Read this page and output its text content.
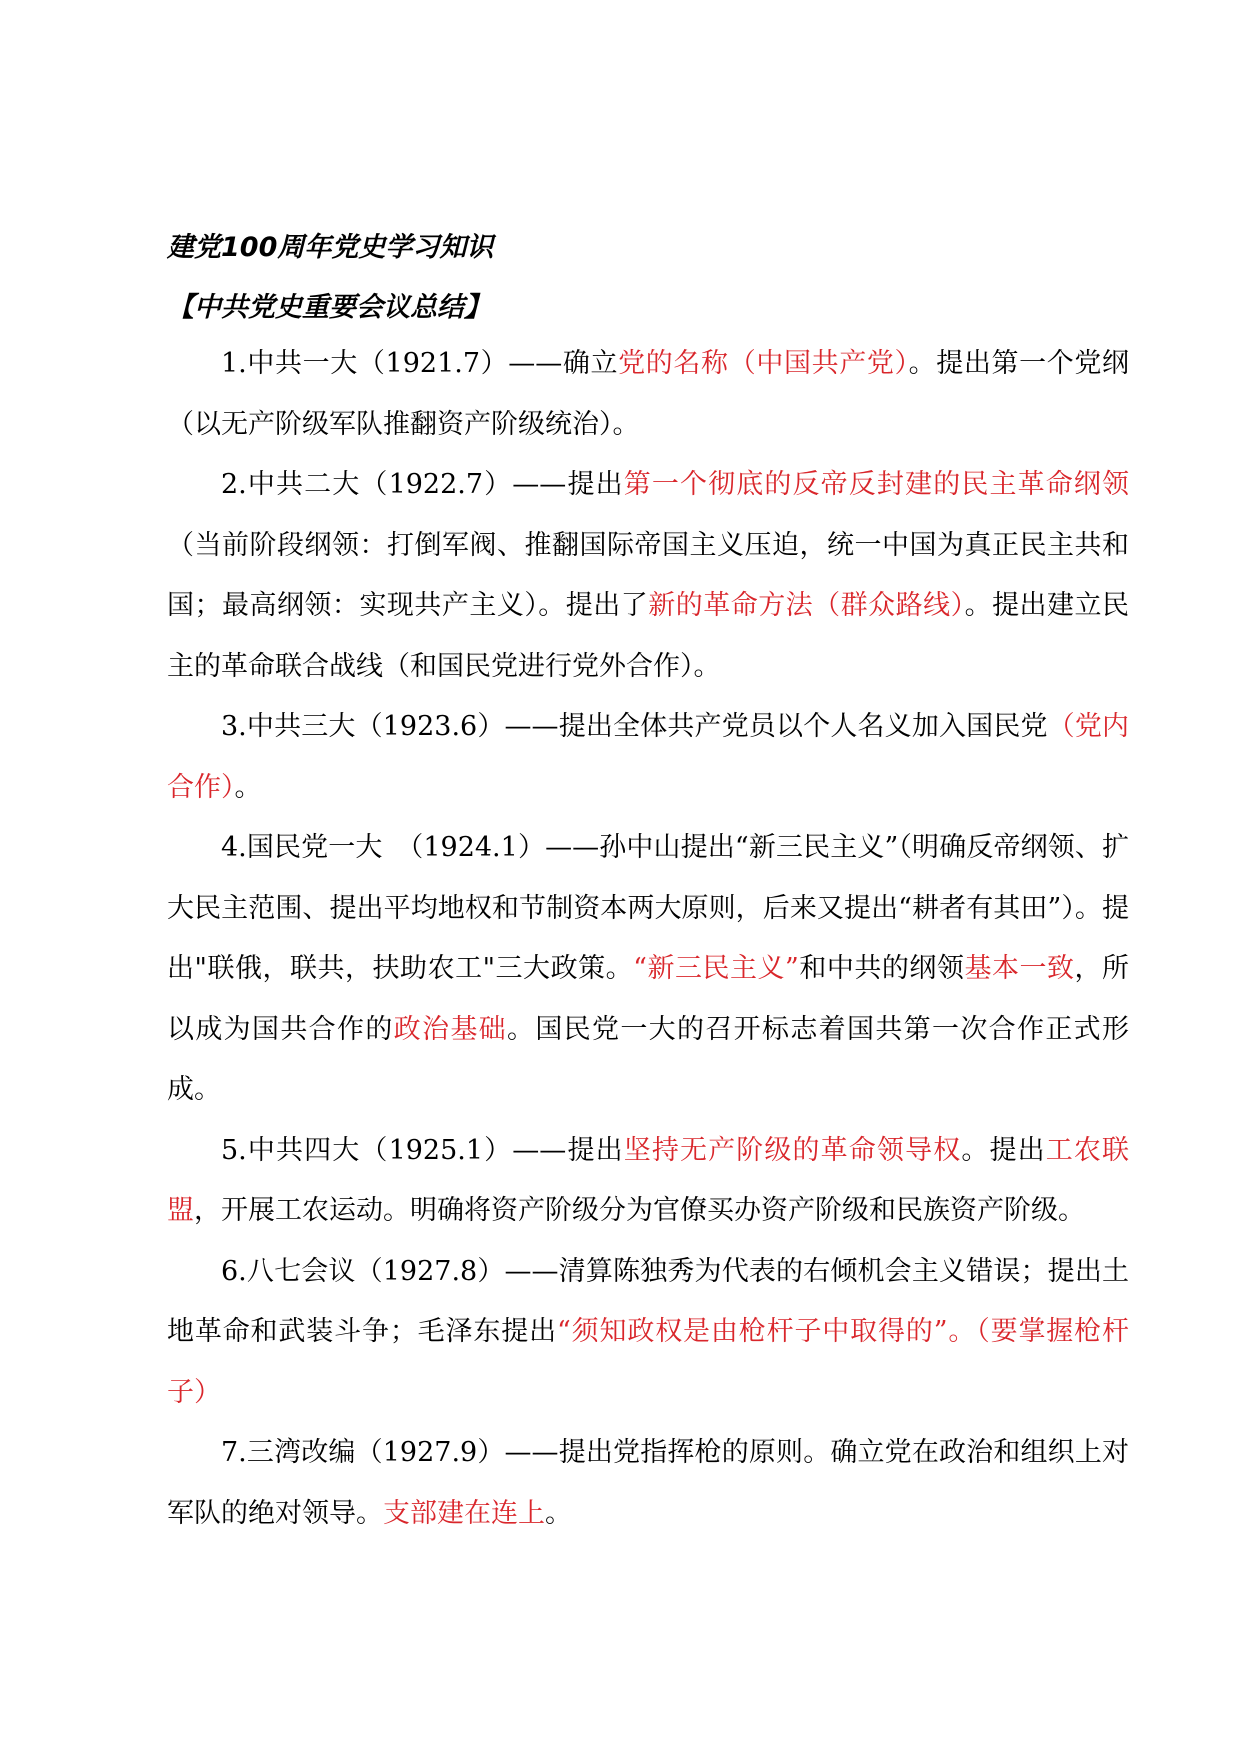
建党100周年党史学习知识
【中共党史重要会议总结】

1.中共一大（1921.7）——确立党的名称（中国共产党）。提出第一个党纲（以无产阶级军队推翻资产阶级统治）。

2.中共二大（1922.7）——提出第一个彻底的反帝反封建的民主革命纲领（当前阶段纲领：打倒军阀、推翻国际帝国主义压迫，统一中国为真正民主共和国；最高纲领：实现共产主义）。提出了新的革命方法（群众路线）。提出建立民主的革命联合战线（和国民党进行党外合作）。

3.中共三大（1923.6）——提出全体共产党员以个人名义加入国民党（党内合作）。

4.国民党一大　（1924.1）——孙中山提出“新三民主义”（明确反帝纲领、扩大民主范围、提出平均地权和节制资本两大原则，后来又提出“耕者有其田”）。提出"联俄，联共，扶助农工"三大政策。“新三民主义”和中共的纲领基本一致，所以成为国共合作的政治基础。国民党一大的召开标志着国共第一次合作正式形成。

5.中共四大（1925.1）——提出坚持无产阶级的革命领导权。提出工农联盟，开展工农运动。明确将资产阶级分为官僚买办资产阶级和民族资产阶级。

6.八七会议（1927.8）——清算陈独秀为代表的右倾机会主义错误；提出土地革命和武装斗争；毛泽东提出“须知政权是由枪杆子中取得的”。（要掌握枪杆子）

7.三湾改编（1927.9）——提出党指挥枪的原则。确立党在政治和组织上对军队的绝对领导。支部建在连上。
